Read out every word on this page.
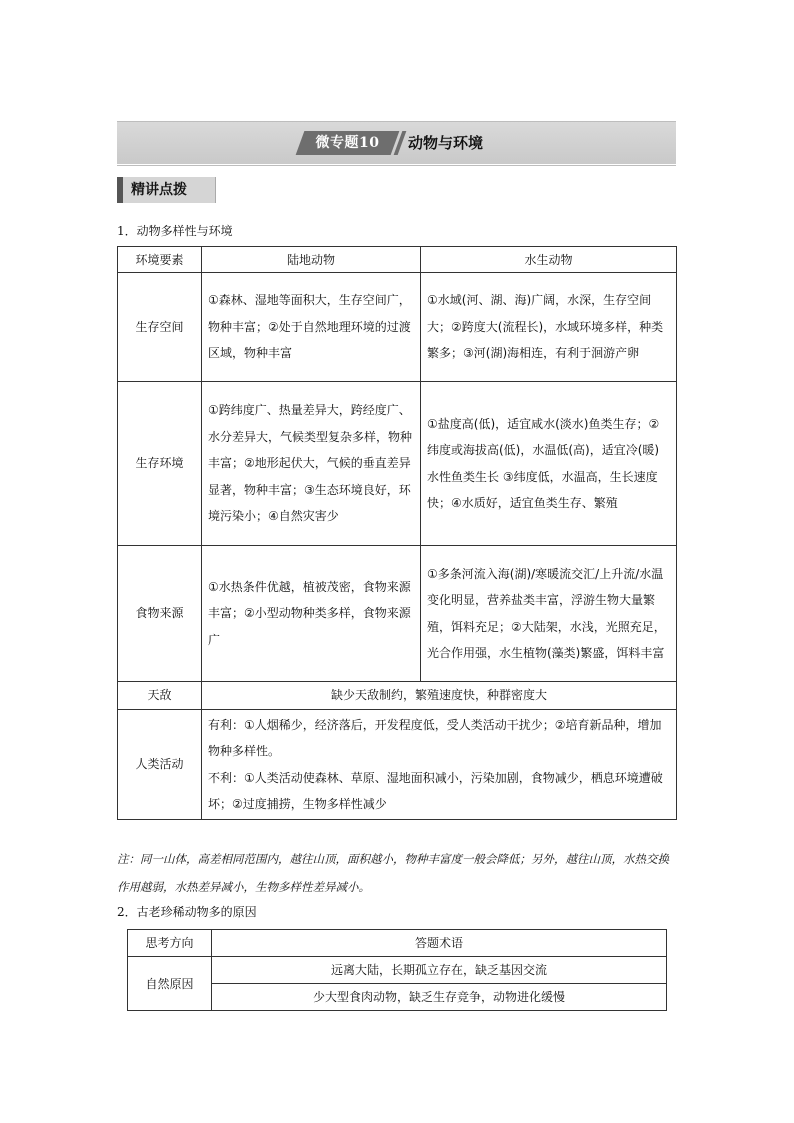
微专题10	动物与环境
精讲点拨
1．动物多样性与环境
环境要素	陆地动物	水生动物
生存空间	①森林、湿地等面积大，生存空间广，物种丰富；②处于自然地理环境的过渡区域，物种丰富	①水域(河、湖、海)广阔，水深，生存空间大；②跨度大(流程长)，水域环境多样，种类繁多；③河(湖)海相连，有利于洄游产卵
生存环境	①跨纬度广、热量差异大，跨经度广、水分差异大，气候类型复杂多样，物种丰富；②地形起伏大，气候的垂直差异显著，物种丰富；③生态环境良好，环境污染小；④自然灾害少	①盐度高(低)，适宜咸水(淡水)鱼类生存；②纬度或海拔高(低)，水温低(高)，适宜冷(暖)水性鱼类生长 ③纬度低，水温高，生长速度快；④水质好，适宜鱼类生存、繁殖
食物来源	①水热条件优越，植被茂密，食物来源丰富；②小型动物种类多样，食物来源广	①多条河流入海(湖)/寒暖流交汇/上升流/水温变化明显，营养盐类丰富，浮游生物大量繁殖，饵料充足；②大陆架，水浅，光照充足，光合作用强，水生植物(藻类)繁盛，饵料丰富
天敌	缺少天敌制约，繁殖速度快，种群密度大	
人类活动	有利：①人烟稀少，经济落后，开发程度低，受人类活动干扰少；②培育新品种，增加物种多样性。
不利：①人类活动使森林、草原、湿地面积减小，污染加剧，食物减少，栖息环境遭破坏；②过度捕捞，生物多样性减少	
注：同一山体，高差相同范围内，越往山顶，面积越小，物种丰富度一般会降低；另外，越往山顶，水热交换作用越弱，水热差异减小，生物多样性差异减小。
2．古老珍稀动物多的原因
思考方向	答题术语
自然原因	远离大陆，长期孤立存在，缺乏基因交流
	少大型食肉动物，缺乏生存竞争，动物进化缓慢
